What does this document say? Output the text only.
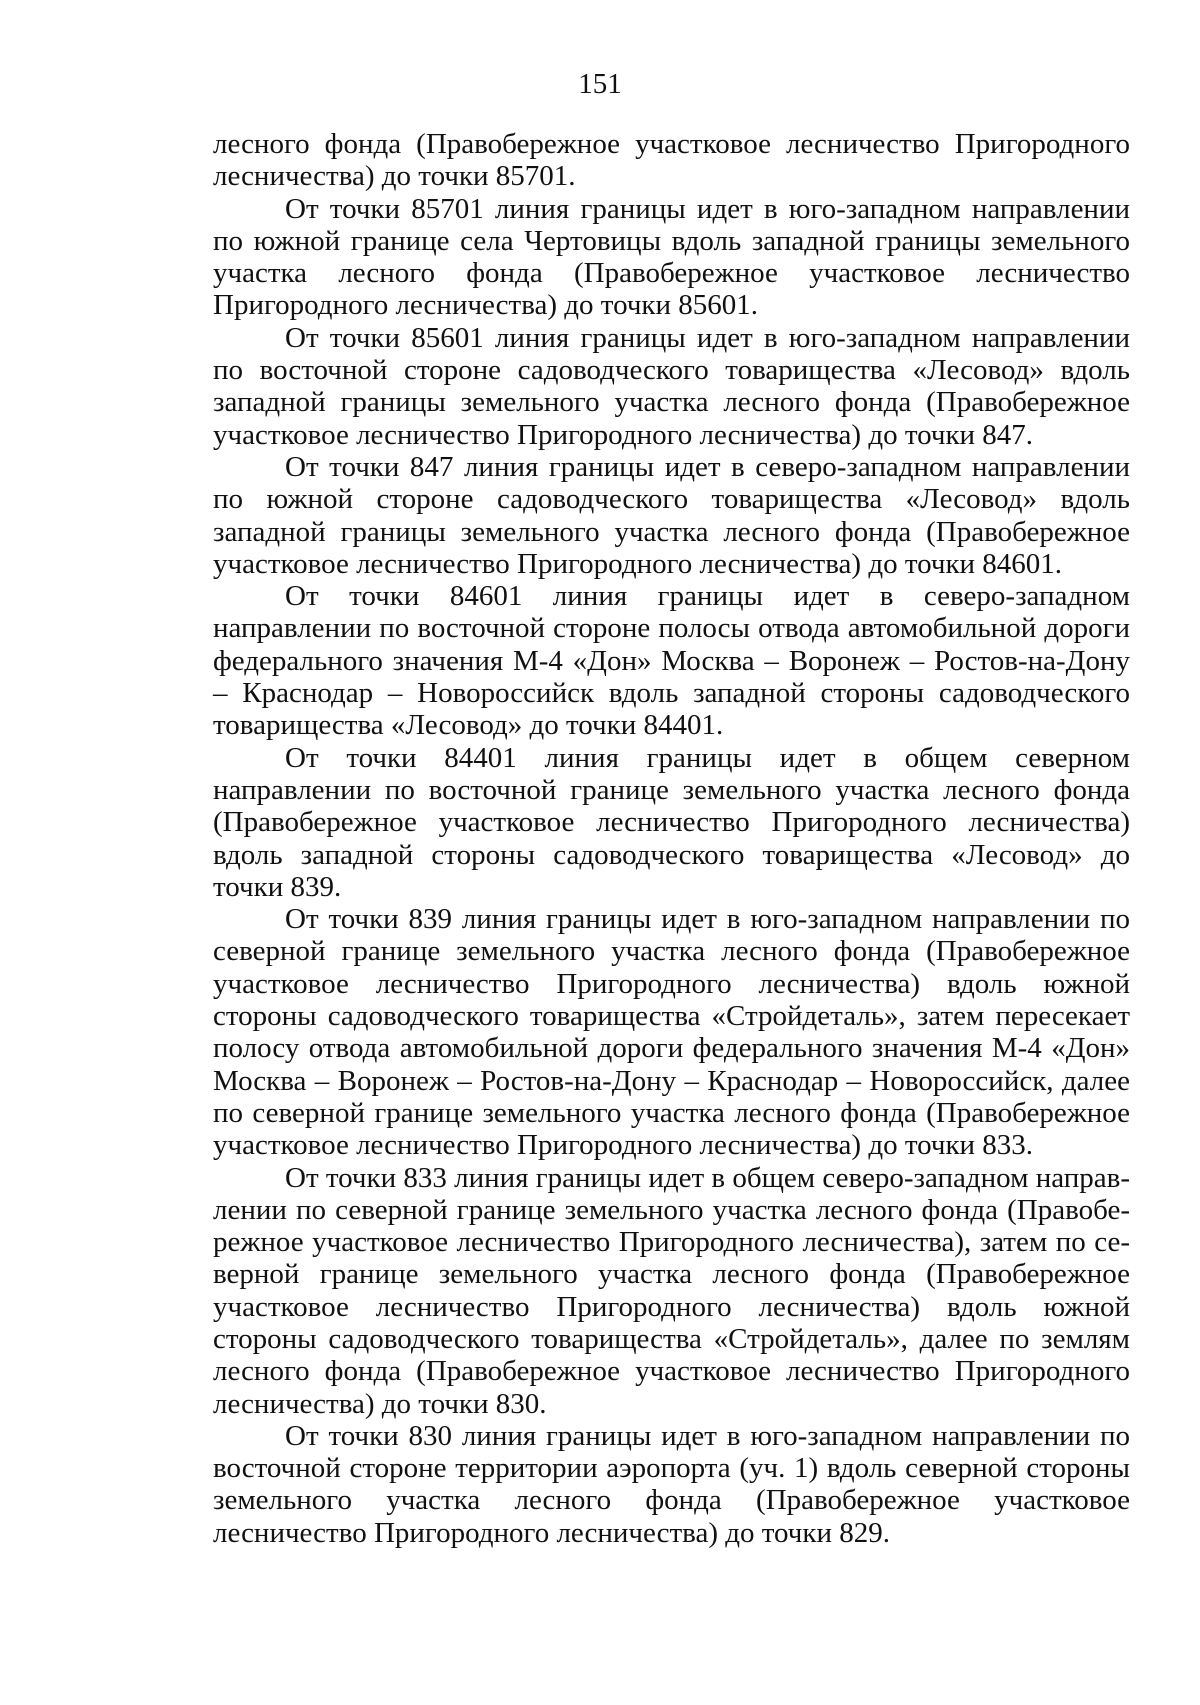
151

лесного фонда (Правобережное участковое лесничество Пригородного лесничества) до точки 85701.

От точки 85701 линия границы идет в юго-западном направлении по южной границе села Чертовицы вдоль западной границы земельного участка лесного фонда (Правобережное участковое лесничество Пригородного лесничества) до точки 85601.

От точки 85601 линия границы идет в юго-западном направлении по восточной стороне садоводческого товарищества «Лесовод» вдоль западной границы земельного участка лесного фонда (Правобережное участковое лесничество Пригородного лесничества) до точки 847.

От точки 847 линия границы идет в северо-западном направлении по южной стороне садоводческого товарищества «Лесовод» вдоль западной границы земельного участка лесного фонда (Правобережное участковое лесничество Пригородного лесничества) до точки 84601.

От точки 84601 линия границы идет в северо-западном направлении по восточной стороне полосы отвода автомобильной дороги федерального значения М-4 «Дон» Москва – Воронеж – Ростов-на-Дону – Краснодар – Новороссийск вдоль западной стороны садоводческого товарищества «Лесовод» до точки 84401.

От точки 84401 линия границы идет в общем северном направлении по восточной границе земельного участка лесного фонда (Правобережное участковое лесничество Пригородного лесничества) вдоль западной стороны садоводческого товарищества «Лесовод» до точки 839.

От точки 839 линия границы идет в юго-западном направлении по северной границе земельного участка лесного фонда (Правобережное участковое лесничество Пригородного лесничества) вдоль южной стороны садоводческого товарищества «Стройдеталь», затем пересекает полосу отвода автомобильной дороги федерального значения М-4 «Дон» Москва – Воронеж – Ростов-на-Дону – Краснодар – Новороссийск, далее по северной границе земельного участка лесного фонда (Правобережное участковое лесничество Пригородного лесничества) до точки 833.

От точки 833 линия границы идет в общем северо-западном направлении по северной границе земельного участка лесного фонда (Правобережное участковое лесничество Пригородного лесничества), затем по северной границе земельного участка лесного фонда (Правобережное участковое лесничество Пригородного лесничества) вдоль южной стороны садоводческого товарищества «Стройдеталь», далее по землям лесного фонда (Правобережное участковое лесничество Пригородного лесничества) до точки 830.

От точки 830 линия границы идет в юго-западном направлении по восточной стороне территории аэропорта (уч. 1) вдоль северной стороны земельного участка лесного фонда (Правобережное участковое лесничество Пригородного лесничества) до точки 829.
